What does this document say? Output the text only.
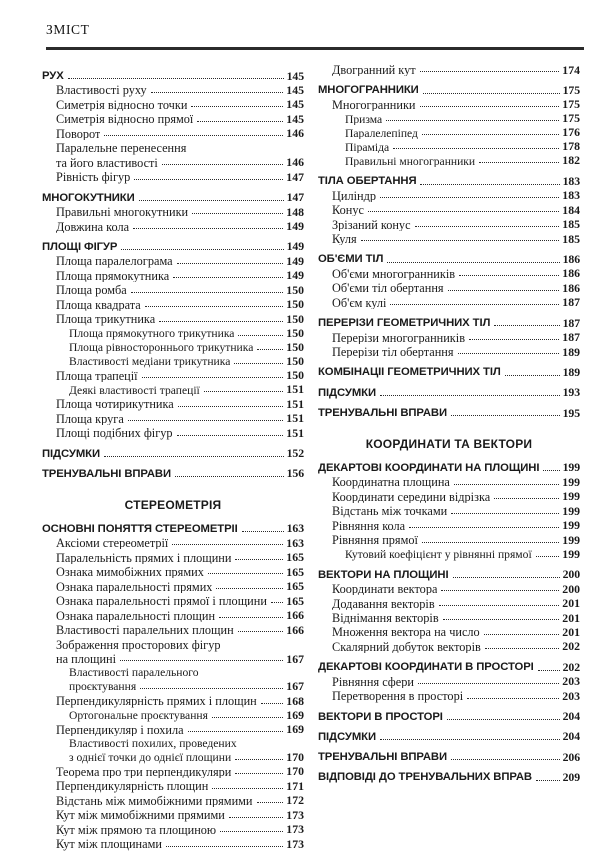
ЗМІСТ
РУХ	145
Властивості руху	145
Симетрія відносно точки	145
Симетрія відносно прямої	145
Поворот	146
Паралельне перенесення
та його властивості	146
Рівність фігур	147
МНОГОКУТНИКИ	147
Правильні многокутники	148
Довжина кола	149
ПЛОЩІ ФІГУР	149
Площа паралелограма	149
Площа прямокутника	149
Площа ромба	150
Площа квадрата	150
Площа трикутника	150
Площа прямокутного трикутника	150
Площа рівностороннього трикутника	150
Властивості медіани трикутника	150
Площа трапеції	150
Деякі властивості трапеції	151
Площа чотирикутника	151
Площа круга	151
Площі подібних фігур	151
ПІДСУМКИ	152
ТРЕНУВАЛЬНІ ВПРАВИ	156
СТЕРЕОМЕТРІЯ
ОСНОВНІ ПОНЯТТЯ СТЕРЕОМЕТРІЇ	163
Аксіоми стереометрії	163
Паралельність прямих і площини	165
Ознака мимобіжних прямих	165
Ознака паралельності прямих	165
Ознака паралельності прямої і площини 165
Ознака паралельності площин	166
Властивості паралельних площин	166
Зображення просторових фігур
на площині	167
Властивості паралельного
проєктування	167
Перпендикулярність прямих і площин	168
Ортогональне проєктування	169
Перпендикуляр і похила	169
Властивості похилих, проведених
з однієї точки до однієї площини	170
Теорема про три перпендикуляри	170
Перпендикулярність площин	171
Відстань між мимобіжними прямими	172
Кут між мимобіжними прямими	173
Кут між прямою та площиною	173
Кут між площинами	173
Двогранний кут	174
МНОГОГРАННИКИ	175
Многогранники	175
Призма	175
Паралелепіпед	176
Піраміда	178
Правильні многогранники	182
ТІЛА ОБЕРТАННЯ	183
Циліндр	183
Конус	184
Зрізаний конус	185
Куля	185
ОБ'ЄМИ ТІЛ	186
Об'єми многогранників	186
Об'єми тіл обертання	186
Об'єм кулі	187
ПЕРЕРІЗИ ГЕОМЕТРИЧНИХ ТІЛ	187
Перерізи многогранників	187
Перерізи тіл обертання	189
КОМБІНАЦІЇ ГЕОМЕТРИЧНИХ ТІЛ	189
ПІДСУМКИ	193
ТРЕНУВАЛЬНІ ВПРАВИ	195
КООРДИНАТИ ТА ВЕКТОРИ
ДЕКАРТОВІ КООРДИНАТИ НА ПЛОЩИНІ 199
Координатна площина	199
Координати середини відрізка	199
Відстань між точками	199
Рівняння кола	199
Рівняння прямої	199
Кутовий коефіцієнт у рівнянні прямої	199
ВЕКТОРИ НА ПЛОЩИНІ	200
Координати вектора	200
Додавання векторів	201
Віднімання векторів	201
Множення вектора на число	201
Скалярний добуток векторів	202
ДЕКАРТОВІ КООРДИНАТИ В ПРОСТОРІ 202
Рівняння сфери	203
Перетворення в просторі	203
ВЕКТОРИ В ПРОСТОРІ	204
ПІДСУМКИ	204
ТРЕНУВАЛЬНІ ВПРАВИ	206
ВІДПОВІДІ ДО ТРЕНУВАЛЬНИХ ВПРАВ	209
